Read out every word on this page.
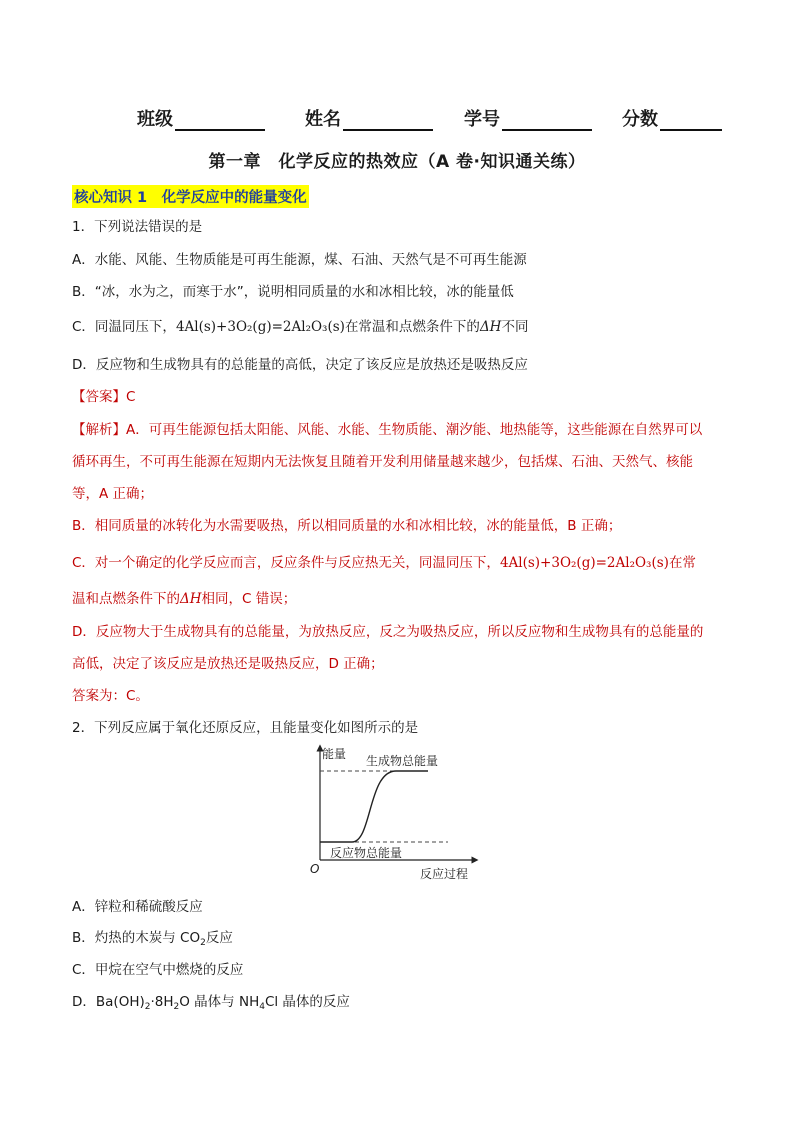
班级	姓名	学号	分数
第一章　化学反应的热效应（A 卷·知识通关练）
核心知识 1　化学反应中的能量变化
1．下列说法错误的是
A．水能、风能、生物质能是可再生能源，煤、石油、天然气是不可再生能源
B．“冰，水为之，而寒于水”，说明相同质量的水和冰相比较，冰的能量低
C．同温同压下，4Al(s)+3O₂(g)=2Al₂O₃(s)在常温和点燃条件下的ΔH不同
D．反应物和生成物具有的总能量的高低，决定了该反应是放热还是吸热反应
【答案】C
【解析】A．可再生能源包括太阳能、风能、水能、生物质能、潮汐能、地热能等，这些能源在自然界可以
循环再生，不可再生能源在短期内无法恢复且随着开发利用储量越来越少，包括煤、石油、天然气、核能
等，A 正确；
B．相同质量的冰转化为水需要吸热，所以相同质量的水和冰相比较，冰的能量低，B 正确；
C．对一个确定的化学反应而言，反应条件与反应热无关，同温同压下，4Al(s)+3O₂(g)=2Al₂O₃(s)在常
温和点燃条件下的ΔH相同，C 错误；
D．反应物大于生成物具有的总能量，为放热反应，反之为吸热反应，所以反应物和生成物具有的总能量的
高低，决定了该反应是放热还是吸热反应，D 正确；
答案为：C。
2．下列反应属于氧化还原反应，且能量变化如图所示的是
能量 生成物总能量
反应物总能量
O	反应过程
A．锌粒和稀硫酸反应
B．灼热的木炭与 $CO_2$反应
C．甲烷在空气中燃烧的反应
D．$Ba(OH)_2\cdot 8H_2O$ 晶体与 $NH_4Cl$ 晶体的反应
